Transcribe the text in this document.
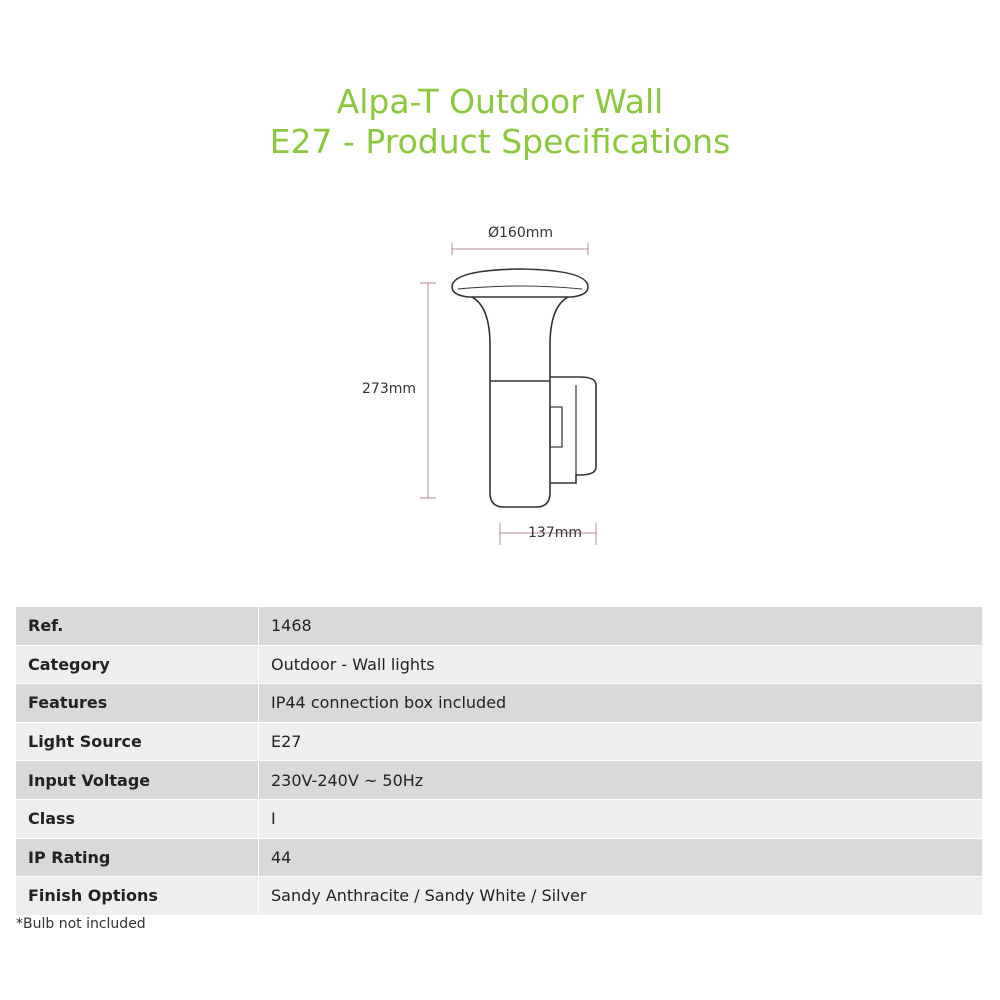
Alpa-T Outdoor Wall
E27 - Product Specifications
Ø160mm
273mm
137mm
Ref.	1468
Category	Outdoor - Wall lights
Features	IP44 connection box included
Light Source	E27
Input Voltage	230V-240V ~ 50Hz
Class	I
IP Rating	44
Finish Options	Sandy Anthracite / Sandy White / Silver
*Bulb not included
